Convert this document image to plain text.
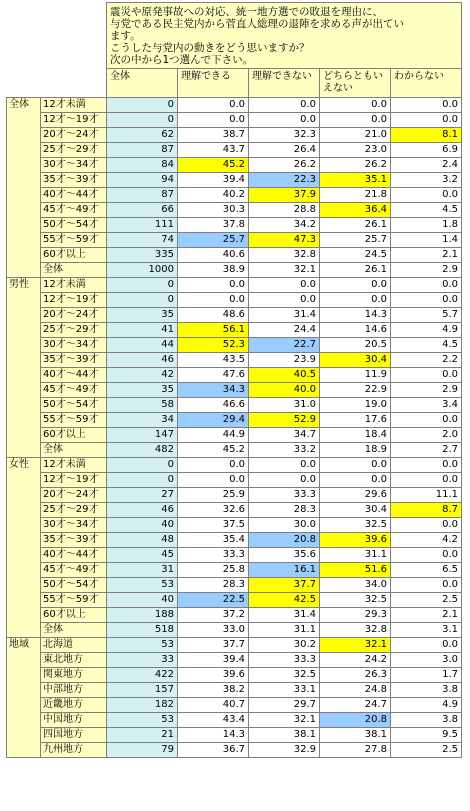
		震災や原発事故への対応、統一地方選での敗退を理由に、
与党である民主党内から菅直人総理の退陣を求める声が出てい
ます。
こうした与党内の動きをどう思いますか？
次の中から1つ選んで下さい。				

		全体	理解できる	理解できない	どちらともいえない	わからない
全体	12才未満	0	0.0	0.0	0.0	0.0
	12才～19才	0	0.0	0.0	0.0	0.0
	20才～24才	62	38.7	32.3	21.0	8.1
	25才～29才	87	43.7	26.4	23.0	6.9
	30才～34才	84	45.2	26.2	26.2	2.4
	35才～39才	94	39.4	22.3	35.1	3.2
	40才～44才	87	40.2	37.9	21.8	0.0
	45才～49才	66	30.3	28.8	36.4	4.5
	50才～54才	111	37.8	34.2	26.1	1.8
	55才～59才	74	25.7	47.3	25.7	1.4
	60才以上	335	40.6	32.8	24.5	2.1
	全体	1000	38.9	32.1	26.1	2.9
男性	12才未満	0	0.0	0.0	0.0	0.0
	12才～19才	0	0.0	0.0	0.0	0.0
	20才～24才	35	48.6	31.4	14.3	5.7
	25才～29才	41	56.1	24.4	14.6	4.9
	30才～34才	44	52.3	22.7	20.5	4.5
	35才～39才	46	43.5	23.9	30.4	2.2
	40才～44才	42	47.6	40.5	11.9	0.0
	45才～49才	35	34.3	40.0	22.9	2.9
	50才～54才	58	46.6	31.0	19.0	3.4
	55才～59才	34	29.4	52.9	17.6	0.0
	60才以上	147	44.9	34.7	18.4	2.0
	全体	482	45.2	33.2	18.9	2.7
女性	12才未満	0	0.0	0.0	0.0	0.0
	12才～19才	0	0.0	0.0	0.0	0.0
	20才～24才	27	25.9	33.3	29.6	11.1
	25才～29才	46	32.6	28.3	30.4	8.7
	30才～34才	40	37.5	30.0	32.5	0.0
	35才～39才	48	35.4	20.8	39.6	4.2
	40才～44才	45	33.3	35.6	31.1	0.0
	45才～49才	31	25.8	16.1	51.6	6.5
	50才～54才	53	28.3	37.7	34.0	0.0
	55才～59才	40	22.5	42.5	32.5	2.5
	60才以上	188	37.2	31.4	29.3	2.1
	全体	518	33.0	31.1	32.8	3.1
地域	北海道	53	37.7	30.2	32.1	0.0
	東北地方	33	39.4	33.3	24.2	3.0
	関東地方	422	39.6	32.5	26.3	1.7
	中部地方	157	38.2	33.1	24.8	3.8
	近畿地方	182	40.7	29.7	24.7	4.9
	中国地方	53	43.4	32.1	20.8	3.8
	四国地方	21	14.3	38.1	38.1	9.5
	九州地方	79	36.7	32.9	27.8	2.5
